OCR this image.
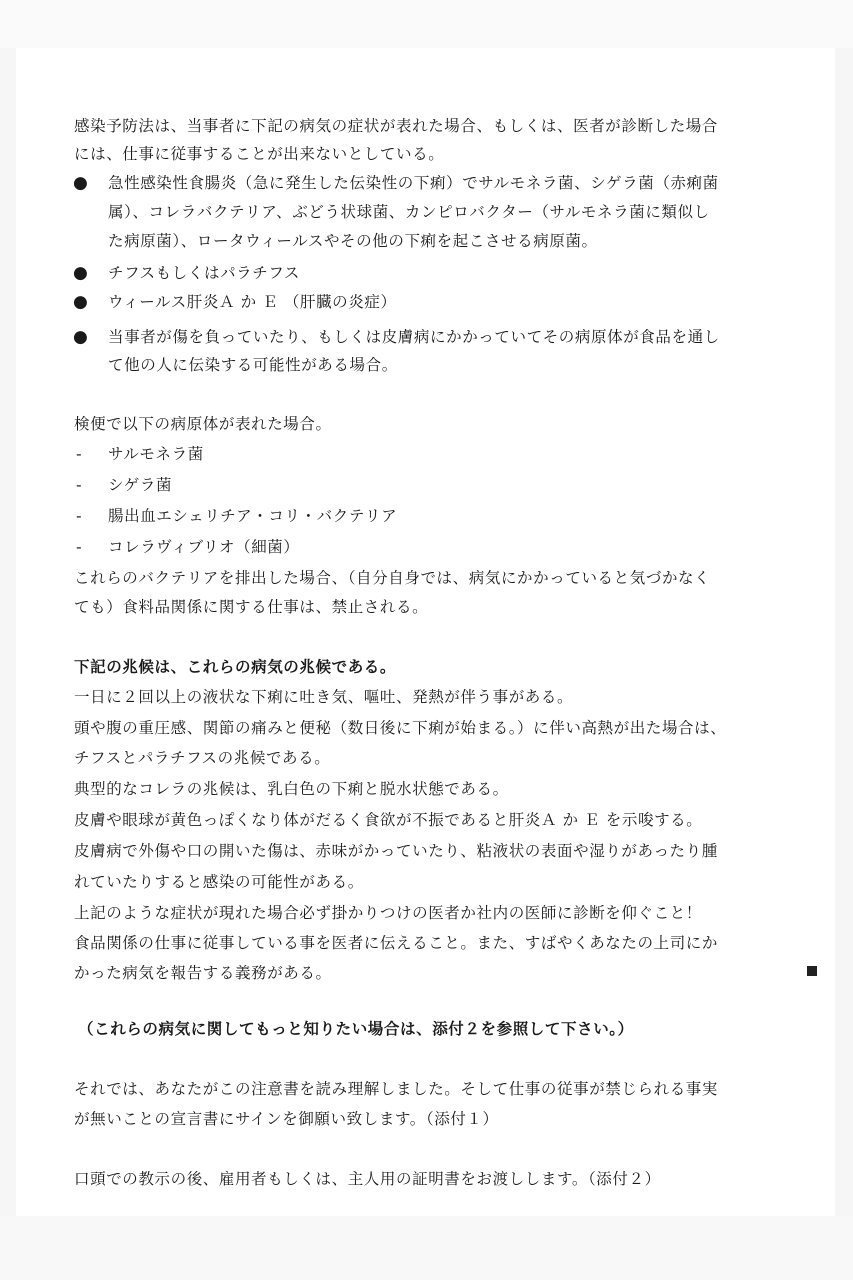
感染予防法は、当事者に下記の病気の症状が表れた場合、もしくは、医者が診断した場合
には、仕事に従事することが出来ないとしている。
● 急性感染性食腸炎（急に発生した伝染性の下痢）でサルモネラ菌、シゲラ菌（赤痢菌
属）、コレラバクテリア、ぶどう状球菌、カンピロバクター（サルモネラ菌に類似し
た病原菌）、ロータウィールスやその他の下痢を起こさせる病原菌。
● チフスもしくはパラチフス
● ウィールス肝炎Ａ か Ｅ （肝臓の炎症）
● 当事者が傷を負っていたり、もしくは皮膚病にかかっていてその病原体が食品を通し
て他の人に伝染する可能性がある場合。
検便で以下の病原体が表れた場合。
- サルモネラ菌
- シゲラ菌
- 腸出血エシェリチア・コリ・バクテリア
- コレラヴィブリオ（細菌）
これらのバクテリアを排出した場合、（自分自身では、病気にかかっていると気づかなく
ても）食料品関係に関する仕事は、禁止される。
下記の兆候は、これらの病気の兆候である。
一日に２回以上の液状な下痢に吐き気、嘔吐、発熱が伴う事がある。
頭や腹の重圧感、関節の痛みと便秘（数日後に下痢が始まる。）に伴い高熱が出た場合は、
チフスとパラチフスの兆候である。
典型的なコレラの兆候は、乳白色の下痢と脱水状態である。
皮膚や眼球が黄色っぽくなり体がだるく食欲が不振であると肝炎Ａ か Ｅ を示唆する。
皮膚病で外傷や口の開いた傷は、赤味がかっていたり、粘液状の表面や湿りがあったり腫
れていたりすると感染の可能性がある。
上記のような症状が現れた場合必ず掛かりつけの医者か社内の医師に診断を仰ぐこと！
食品関係の仕事に従事している事を医者に伝えること。また、すばやくあなたの上司にか
かった病気を報告する義務がある。
（これらの病気に関してもっと知りたい場合は、添付２を参照して下さい。）
それでは、あなたがこの注意書を読み理解しました。そして仕事の従事が禁じられる事実
が無いことの宣言書にサインを御願い致します。（添付１）
口頭での教示の後、雇用者もしくは、主人用の証明書をお渡しします。（添付２）
